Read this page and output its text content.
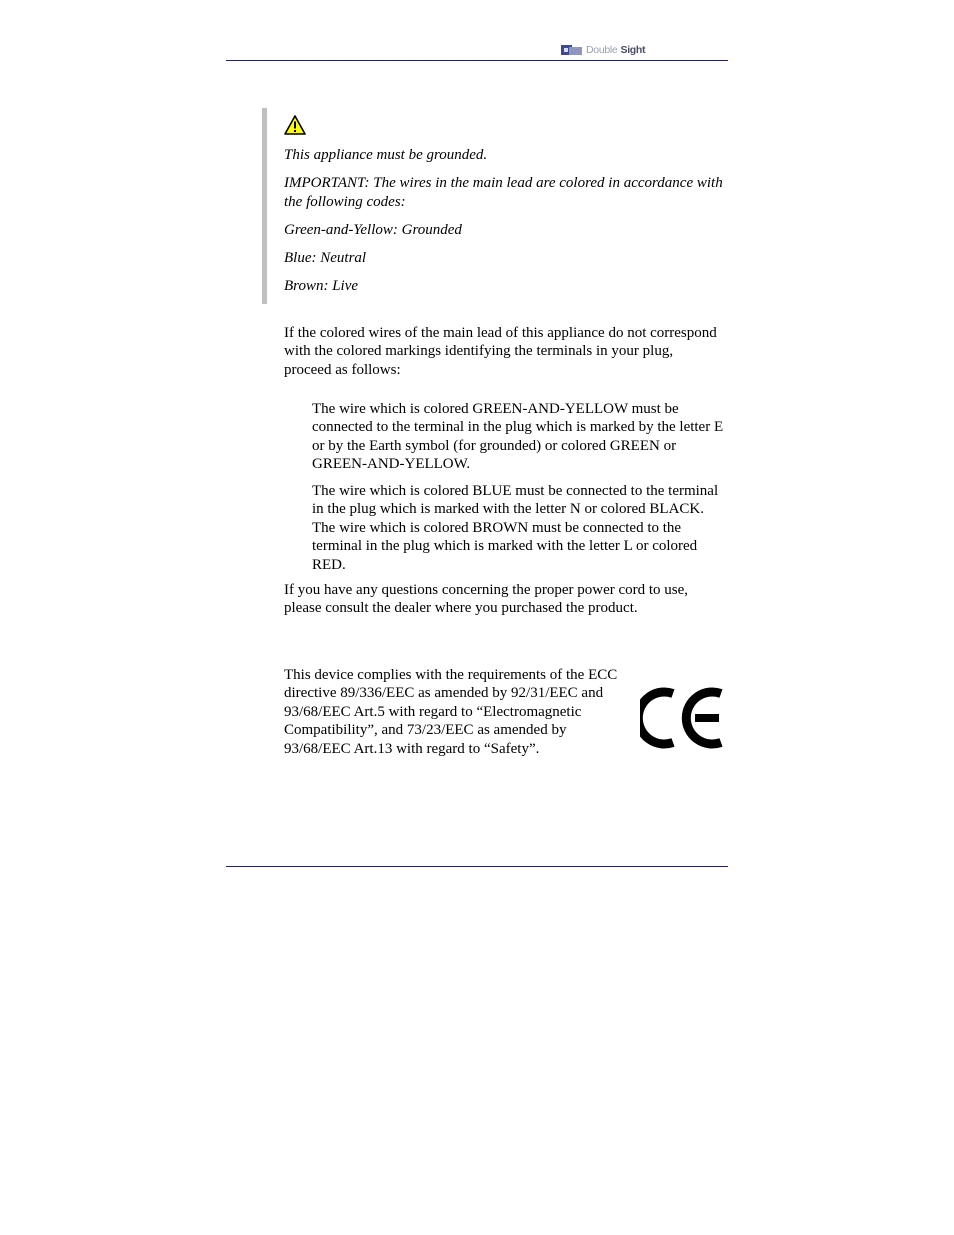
Double Sight

This appliance must be grounded.

IMPORTANT: The wires in the main lead are colored in accordance with the following codes:

Green-and-Yellow: Grounded

Blue: Neutral

Brown: Live

If the colored wires of the main lead of this appliance do not correspond with the colored markings identifying the terminals in your plug, proceed as follows:

The wire which is colored GREEN-AND-YELLOW must be connected to the terminal in the plug which is marked by the letter E or by the Earth symbol (for grounded) or colored GREEN or GREEN-AND-YELLOW.

The wire which is colored BLUE must be connected to the terminal in the plug which is marked with the letter N or colored BLACK. The wire which is colored BROWN must be connected to the terminal in the plug which is marked with the letter L or colored RED.

If you have any questions concerning the proper power cord to use, please consult the dealer where you purchased the product.

This device complies with the requirements of the ECC directive 89/336/EEC as amended by 92/31/EEC and 93/68/EEC Art.5 with regard to “Electromagnetic Compatibility”, and 73/23/EEC as amended by 93/68/EEC Art.13 with regard to “Safety”.
